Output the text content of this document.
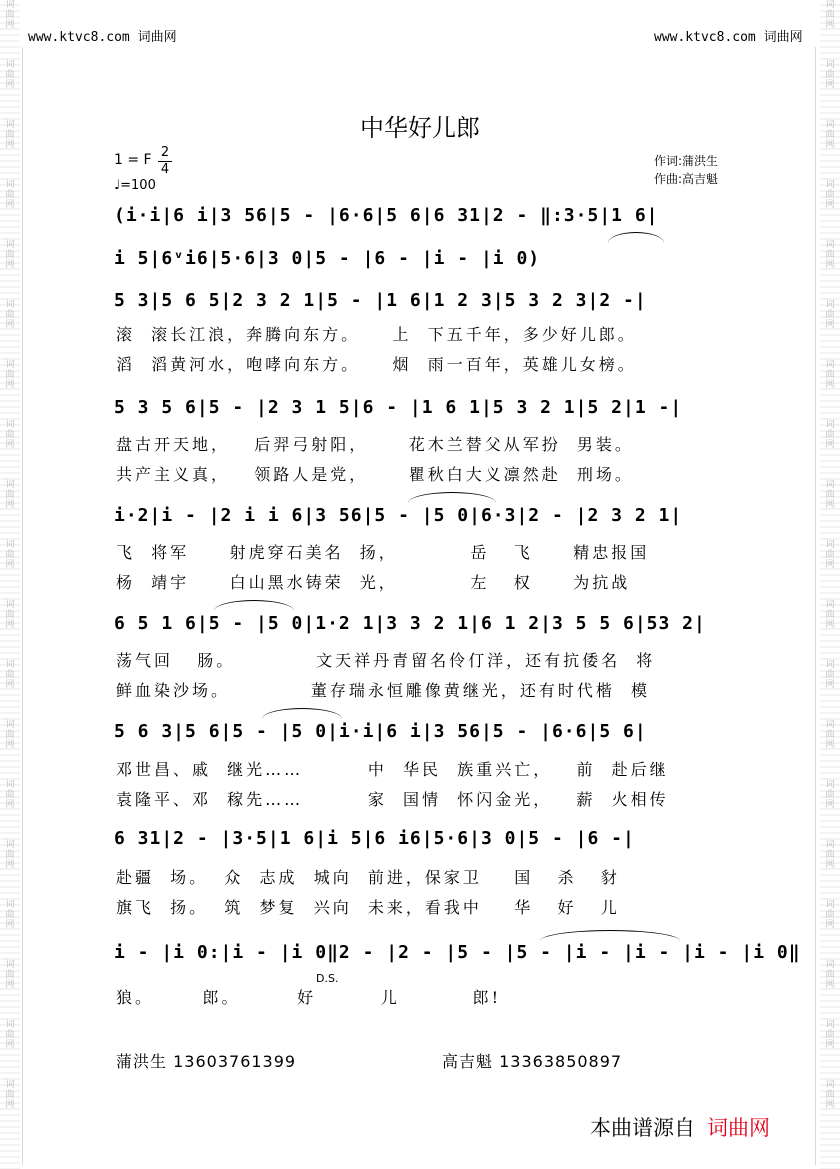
词
曲
网
词
曲
网
词
曲
网
词
曲
网
词
曲
网
词
曲
网
词
曲
网
词
曲
网
词
曲
网
词
曲
网
词
曲
网
词
曲
网
词
曲
网
词
曲
网
词
曲
网
词
曲
网
词
曲
网
词
曲
网
词
曲
网
词
曲
网
词
曲
网
词
曲
网
词
曲
网
词
曲
网
词
曲
网
词
曲
网
词
曲
网
词
曲
网
词
曲
网
词
曲
网
词
曲
网
词
曲
网
词
曲
网
词
曲
网
词
曲
网
词
曲
网
词
曲
网
词
曲
网
www.ktvc8.com 词曲网	www.ktvc8.com 词曲网
中华好儿郎
1 = F 2
4
♩=100
作词:蒲洪生
作曲:高吉魁
(i·i|6 i|3 56|5 - |6·6|5 6|6 31|2 - ‖:3·5|1 6|
i 5|6ᵛi6|5·6|3 0|5 - |6 - |i - |i 0)
5 3|5 6 5|2 3 2 1|5 - |1 6|1 2 3|5 3 2 3|2 -|
5 3 5 6|5 - |2 3 1 5|6 - |1 6 1|5 3 2 1|5 2|1 -|
i·2|i - |2 i i 6|3 56|5 - |5 0|6·3|2 - |2 3 2 1|
6 5 1 6|5 - |5 0|1·2 1|3 3 2 1|6 1 2|3 5 5 6|53 2|
5 6 3|5 6|5 - |5 0|i·i|6 i|3 56|5 - |6·6|5 6|
6 31|2 - |3·5|1 6|i 5|6 i6|5·6|3 0|5 - |6 -|
i - |i 0:|i - |i 0‖2 - |2 - |5 - |5 - |i - |i - |i - |i 0‖
滚  滚长江浪，奔腾向东方。    上  下五千年，多少好儿郎。
滔  滔黄河水，咆哮向东方。    烟  雨一百年，英雄儿女榜。
盘古开天地，   后羿弓射阳，     花木兰替父从军扮  男装。
共产主义真，   领路人是党，     瞿秋白大义凛然赴  刑场。
飞  将军     射虎穿石美名  扬，         岳   飞     精忠报国
杨  靖宇     白山黑水铸荣  光，         左   权     为抗战
荡气回   肠。          文天祥丹青留名伶仃洋，还有抗倭名  将
鲜血染沙场。          董存瑞永恒雕像黄继光，还有时代楷  模
邓世昌、戚  继光……        中  华民  族重兴亡，   前  赴后继
袁隆平、邓  稼先……        家  国情  怀闪金光，   薪  火相传
赴疆  场。  众  志成  城向  前进，保家卫    国   杀   豺
旗飞  扬。  筑  梦复  兴向  未来，看我中    华   好   儿
狼。      郎。       好        儿         郎!
D.S.
蒲洪生 13603761399	高吉魁 13363850897
本曲谱源自 词曲网
